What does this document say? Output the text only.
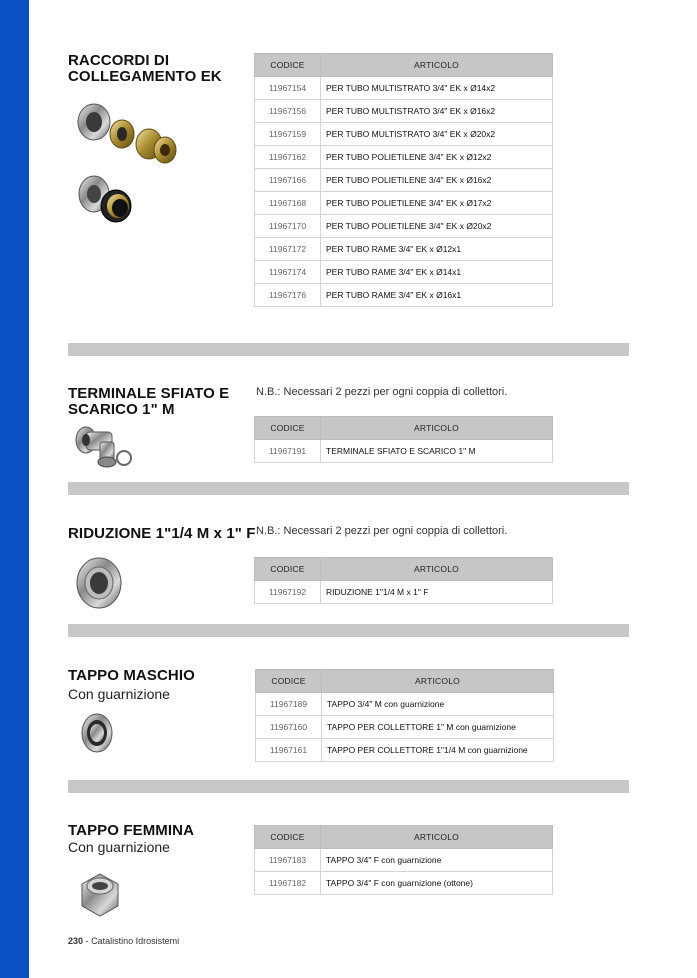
RACCORDI DI
COLLEGAMENTO EK
CODICE	ARTICOLO
11967154	PER TUBO MULTISTRATO 3/4" EK x Ø14x2
11967156	PER TUBO MULTISTRATO 3/4" EK x Ø16x2
11967159	PER TUBO MULTISTRATO 3/4" EK x Ø20x2
11967162	PER TUBO POLIETILENE 3/4" EK x Ø12x2
11967166	PER TUBO POLIETILENE 3/4" EK x Ø16x2
11967168	PER TUBO POLIETILENE 3/4" EK x Ø17x2
11967170	PER TUBO POLIETILENE 3/4" EK x Ø20x2
11967172	PER TUBO RAME 3/4" EK x Ø12x1
11967174	PER TUBO RAME 3/4" EK x Ø14x1
11967176	PER TUBO RAME 3/4" EK x Ø16x1
TERMINALE SFIATO E
SCARICO 1" M
N.B.: Necessari 2 pezzi per ogni coppia di collettori.
CODICE	ARTICOLO
11967191	TERMINALE SFIATO E SCARICO 1" M
RIDUZIONE 1"1/4 M x 1" F N.B.: Necessari 2 pezzi per ogni coppia di collettori.
CODICE	ARTICOLO
11967192	RIDUZIONE 1"1/4 M x 1" F
TAPPO MASCHIO
Con guarnizione
CODICE	ARTICOLO
11967189	TAPPO 3/4" M con guarnizione
11967160	TAPPO PER COLLETTORE 1" M con guarnizione
11967161	TAPPO PER COLLETTORE 1"1/4 M con guarnizione
TAPPO FEMMINA
Con guarnizione
CODICE	ARTICOLO
11967183	TAPPO 3/4" F con guarnizione
11967182	TAPPO 3/4" F con guarnizione (ottone)
230 - Catalistino Idrosistemi
